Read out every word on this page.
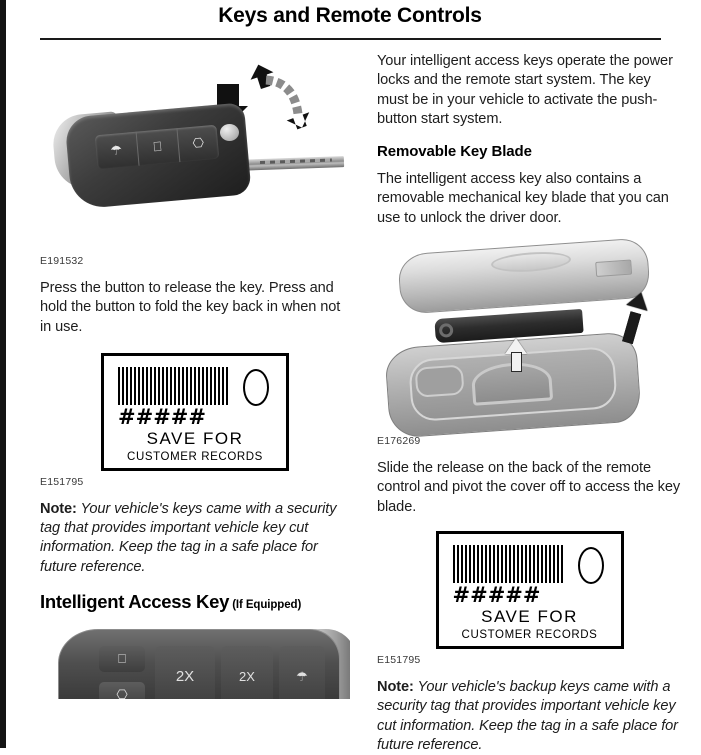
Keys and Remote Controls
☂	⎕	⎔
E191532

Press the button to release the key. Press and hold the button to fold the key back in when not in use.

#####
SAVE FOR
CUSTOMER RECORDS
E151795

Note: Your vehicle's keys came with a security tag that provides important vehicle key cut information. Keep the tag in a safe place for future reference.

Intelligent Access Key (If Equipped)
⎕
⎔
2X	2X	☂

Your intelligent access keys operate the power locks and the remote start system. The key must be in your vehicle to activate the push-button start system.

Removable Key Blade

The intelligent access key also contains a removable mechanical key blade that you can use to unlock the driver door.

E176269

Slide the release on the back of the remote control and pivot the cover off to access the key blade.

#####
SAVE FOR
CUSTOMER RECORDS
E151795

Note: Your vehicle's backup keys came with a security tag that provides important vehicle key cut information. Keep the tag in a safe place for future reference.
